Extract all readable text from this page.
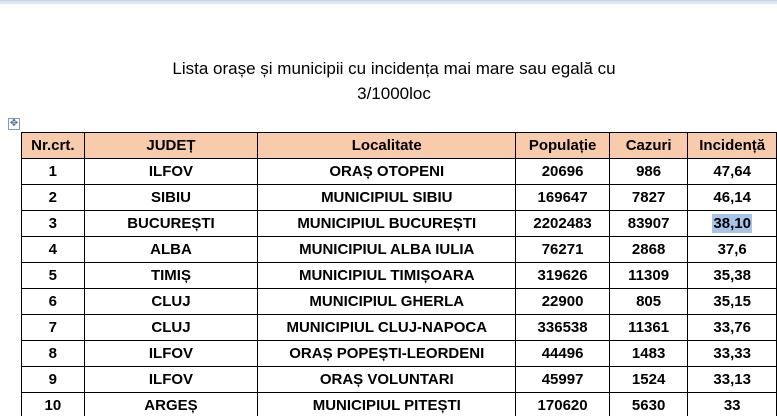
Lista orașe și municipii cu incidența mai mare sau egală cu
3/1000loc
✥
Nr.crt.	JUDEȚ	Localitate	Populație	Cazuri	Incidență
1	ILFOV	ORAȘ OTOPENI	20696	986	47,64
2	SIBIU	MUNICIPIUL SIBIU	169647	7827	46,14
3	BUCUREȘTI	MUNICIPIUL BUCUREȘTI	2202483	83907	38,10
4	ALBA	MUNICIPIUL ALBA IULIA	76271	2868	37,6
5	TIMIȘ	MUNICIPIUL TIMIȘOARA	319626	11309	35,38
6	CLUJ	MUNICIPIUL GHERLA	22900	805	35,15
7	CLUJ	MUNICIPIUL CLUJ-NAPOCA	336538	11361	33,76
8	ILFOV	ORAȘ POPEȘTI-LEORDENI	44496	1483	33,33
9	ILFOV	ORAȘ VOLUNTARI	45997	1524	33,13
10	ARGEȘ	MUNICIPIUL PITEȘTI	170620	5630	33
